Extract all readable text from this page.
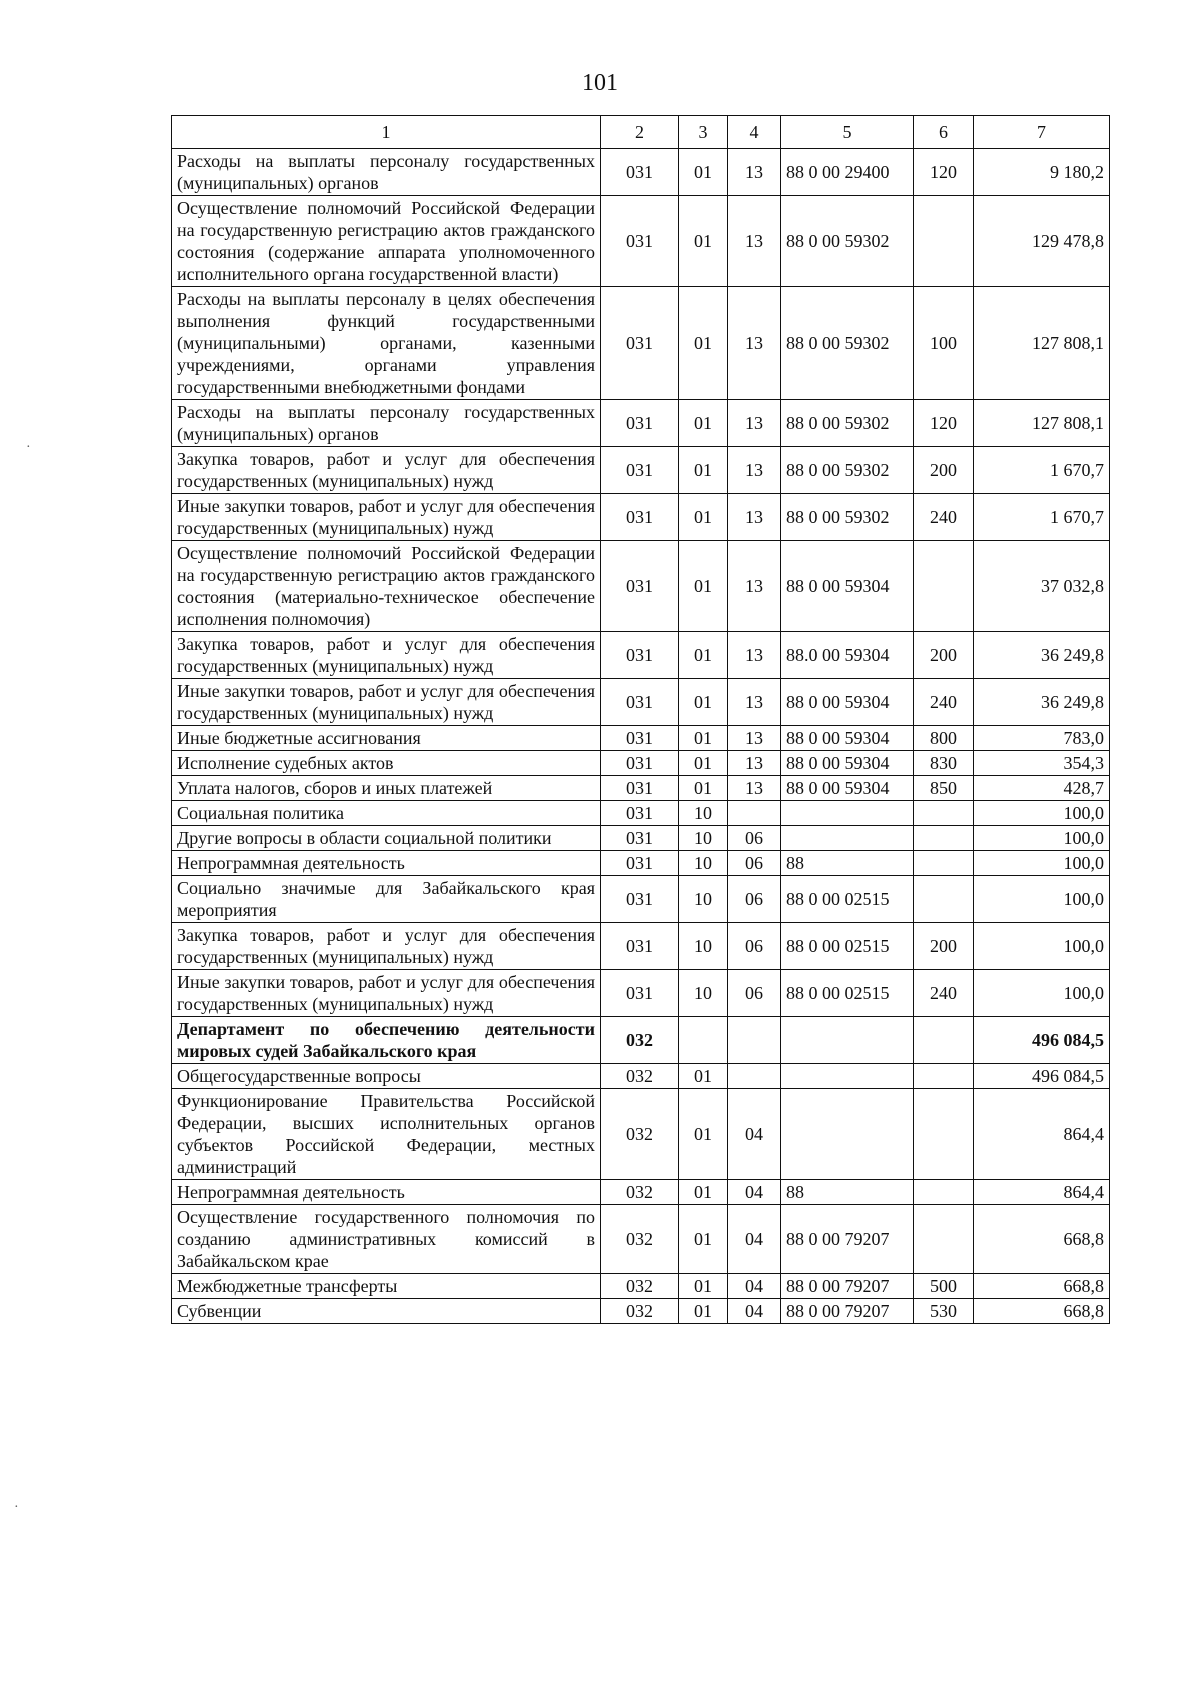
101
1	2	3	4	5	6	7
Расходы на выплаты персоналу государственных (муниципальных) органов	031	01	13	88 0 00 29400	120	9 180,2
Осуществление полномочий Российской Федерации на государственную регистрацию актов гражданского состояния (содержание аппарата уполномоченного исполнительного органа государственной власти)	031	01	13	88 0 00 59302		129 478,8
Расходы на выплаты персоналу в целях обеспечения выполнения функций государственными (муниципальными) органами, казенными учреждениями, органами управления государственными внебюджетными фондами	031	01	13	88 0 00 59302	100	127 808,1
Расходы на выплаты персоналу государственных (муниципальных) органов	031	01	13	88 0 00 59302	120	127 808,1
Закупка товаров, работ и услуг для обеспечения государственных (муниципальных) нужд	031	01	13	88 0 00 59302	200	1 670,7
Иные закупки товаров, работ и услуг для обеспечения государственных (муниципальных) нужд	031	01	13	88 0 00 59302	240	1 670,7
Осуществление полномочий Российской Федерации на государственную регистрацию актов гражданского состояния (материально-техническое обеспечение исполнения полномочия)	031	01	13	88 0 00 59304		37 032,8
Закупка товаров, работ и услуг для обеспечения государственных (муниципальных) нужд	031	01	13	88.0 00 59304	200	36 249,8
Иные закупки товаров, работ и услуг для обеспечения государственных (муниципальных) нужд	031	01	13	88 0 00 59304	240	36 249,8
Иные бюджетные ассигнования	031	01	13	88 0 00 59304	800	783,0
Исполнение судебных актов	031	01	13	88 0 00 59304	830	354,3
Уплата налогов, сборов и иных платежей	031	01	13	88 0 00 59304	850	428,7
Социальная политика	031	10				100,0
Другие вопросы в области социальной политики	031	10	06			100,0
Непрограммная деятельность	031	10	06	88		100,0
Социально значимые для Забайкальского края мероприятия	031	10	06	88 0 00 02515		100,0
Закупка товаров, работ и услуг для обеспечения государственных (муниципальных) нужд	031	10	06	88 0 00 02515	200	100,0
Иные закупки товаров, работ и услуг для обеспечения государственных (муниципальных) нужд	031	10	06	88 0 00 02515	240	100,0
Департамент по обеспечению деятельности мировых судей Забайкальского края	032					496 084,5
Общегосударственные вопросы	032	01				496 084,5
Функционирование Правительства Российской Федерации, высших исполнительных органов субъектов Российской Федерации, местных администраций	032	01	04			864,4
Непрограммная деятельность	032	01	04	88		864,4
Осуществление государственного полномочия по созданию административных комиссий в Забайкальском крае	032	01	04	88 0 00 79207		668,8
Межбюджетные трансферты	032	01	04	88 0 00 79207	500	668,8
Субвенции	032	01	04	88 0 00 79207	530	668,8
·
·
